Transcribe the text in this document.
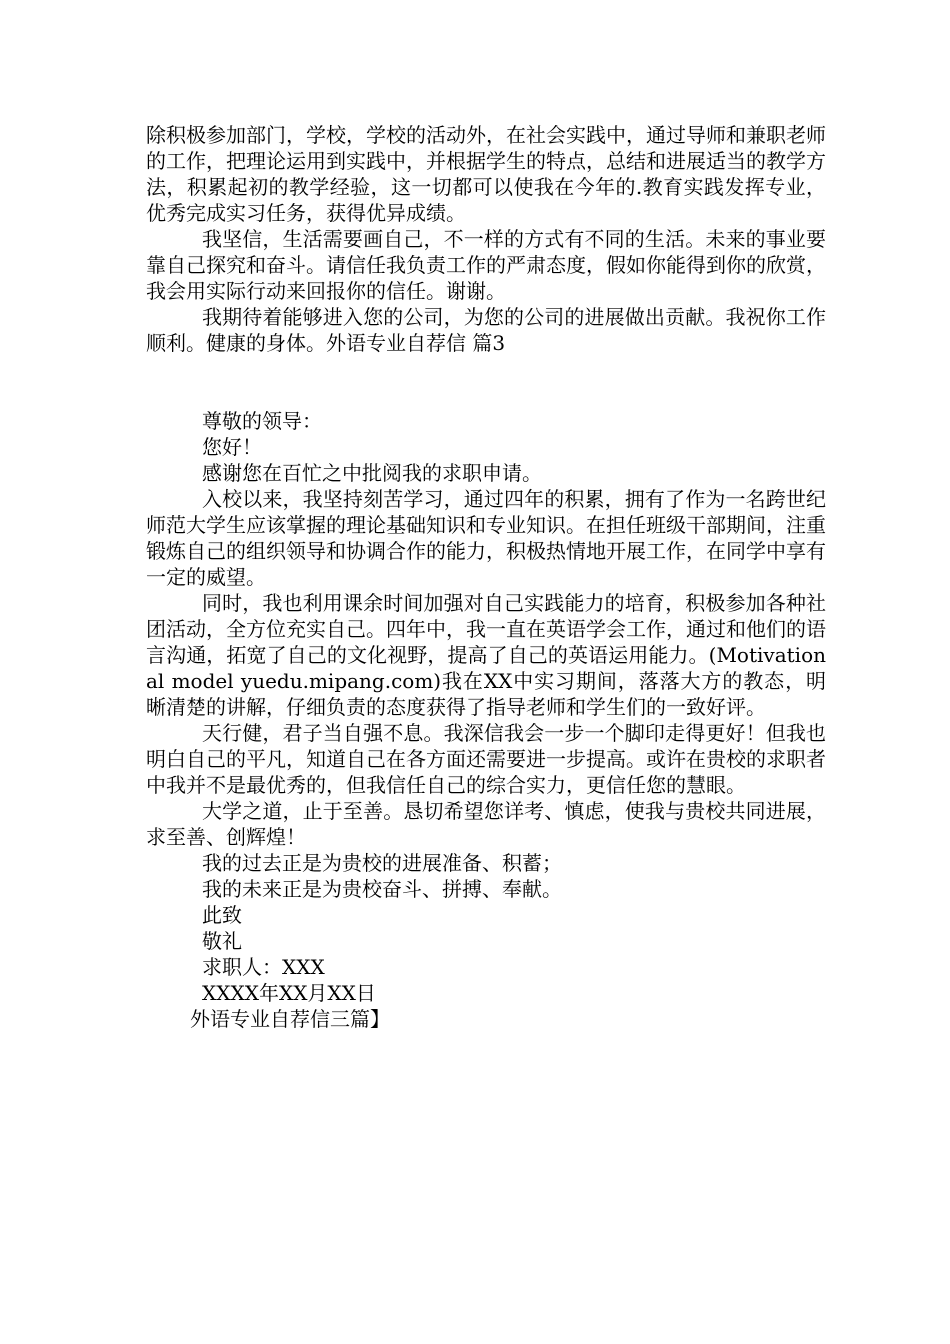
除积极参加部门，学校，学校的活动外，在社会实践中，通过导师和兼职老师的工作，把理论运用到实践中，并根据学生的特点，总结和进展适当的教学方法，积累起初的教学经验，这一切都可以使我在今年的.教育实践发挥专业，优秀完成实习任务，获得优异成绩。
我坚信，生活需要画自己，不一样的方式有不同的生活。未来的事业要靠自己探究和奋斗。请信任我负责工作的严肃态度，假如你能得到你的欣赏，我会用实际行动来回报你的信任。谢谢。
我期待着能够进入您的公司，为您的公司的进展做出贡献。我祝你工作顺利。健康的身体。外语专业自荐信 篇3
尊敬的领导：
您好！
感谢您在百忙之中批阅我的求职申请。
入校以来，我坚持刻苦学习，通过四年的积累，拥有了作为一名跨世纪师范大学生应该掌握的理论基础知识和专业知识。在担任班级干部期间，注重锻炼自己的组织领导和协调合作的能力，积极热情地开展工作，在同学中享有一定的威望。
同时，我也利用课余时间加强对自己实践能力的培育，积极参加各种社团活动，全方位充实自己。四年中，我一直在英语学会工作，通过和他们的语言沟通，拓宽了自己的文化视野，提高了自己的英语运用能力。(Motivational model yuedu.mipang.com)我在XX中实习期间，落落大方的教态，明晰清楚的讲解，仔细负责的态度获得了指导老师和学生们的一致好评。
天行健，君子当自强不息。我深信我会一步一个脚印走得更好！但我也明白自己的平凡，知道自己在各方面还需要进一步提高。或许在贵校的求职者中我并不是最优秀的，但我信任自己的综合实力，更信任您的慧眼。
大学之道，止于至善。恳切希望您详考、慎虑，使我与贵校共同进展，求至善、创辉煌！
我的过去正是为贵校的进展准备、积蓄；
我的未来正是为贵校奋斗、拼搏、奉献。
此致
敬礼
求职人：XXX
XXXX年XX月XX日
外语专业自荐信三篇】
